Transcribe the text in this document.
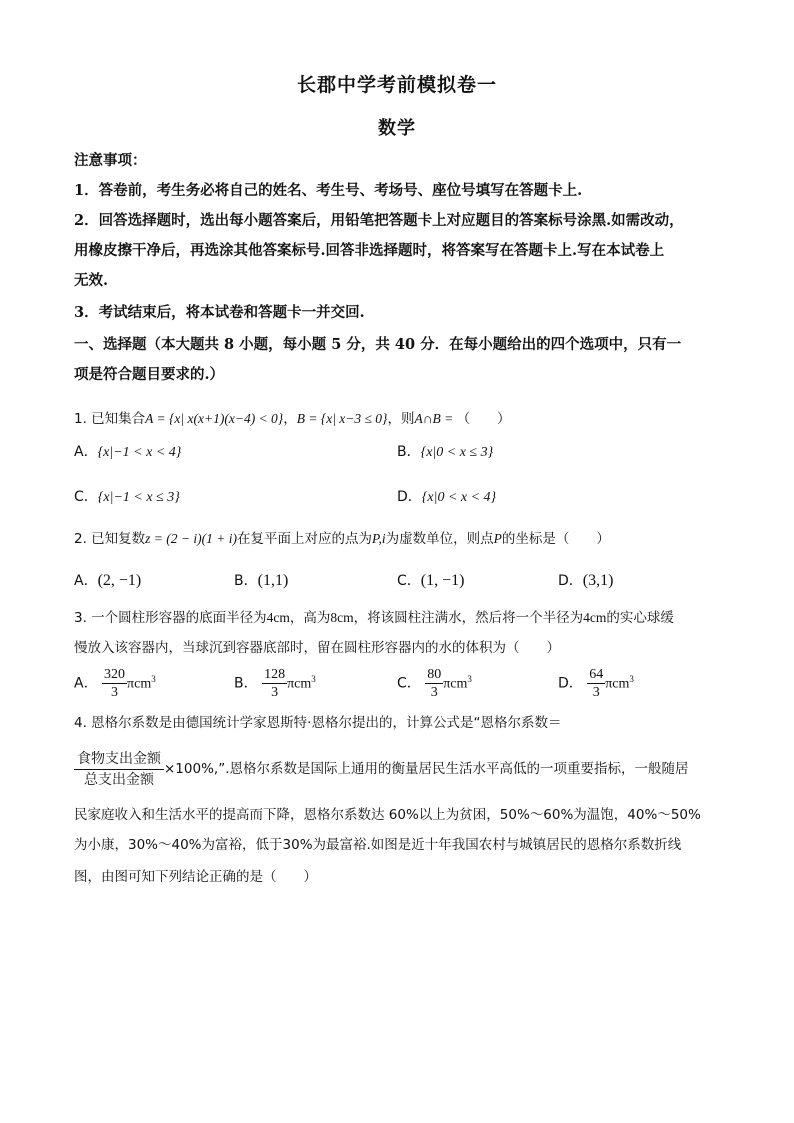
长郡中学考前模拟卷一
数学
注意事项：
1．答卷前，考生务必将自己的姓名、考生号、考场号、座位号填写在答题卡上.
2．回答选择题时，选出每小题答案后，用铅笔把答题卡上对应题目的答案标号涂黑.如需改动，
用橡皮擦干净后，再选涂其他答案标号.回答非选择题时，将答案写在答题卡上.写在本试卷上
无效.
3．考试结束后，将本试卷和答题卡一并交回.
一、选择题（本大题共 8 小题，每小题 5 分，共 40 分．在每小题给出的四个选项中，只有一
项是符合题目要求的.）
1. 已知集合A = {x| x(x+1)(x−4) < 0}，B = {x| x−3 ≤ 0}，则A∩B = （　　）
A．{x|−1 < x < 4}	B．{x|0 < x ≤ 3}
C．{x|−1 < x ≤ 3}	D．{x|0 < x < 4}
2. 已知复数z = (2 − i)(1 + i)在复平面上对应的点为P,i为虚数单位，则点P的坐标是（　　）
A．(2, −1)	B．(1,1)	C．(1, −1)	D．(3,1)
3. 一个圆柱形容器的底面半径为4cm，高为8cm，将该圆柱注满水，然后将一个半径为4cm的实心球缓
慢放入该容器内，当球沉到容器底部时，留在圆柱形容器内的水的体积为（　　）
A． $\frac{320}{3} \pi cm^3$	B． $\frac{128}{3} \pi cm^3$	C． $\frac{80}{3} \pi cm^3$	D． $\frac{64}{3} \pi cm^3$
4. 恩格尔系数是由德国统计学家恩斯特·恩格尔提出的，计算公式是“恩格尔系数＝
$\frac{\text{食物支出金额}}{\text{总支出金额}} \times 100\%$,”.恩格尔系数是国际上通用的衡量居民生活水平高低的一项重要指标，一般随居
民家庭收入和生活水平的提高而下降，恩格尔系数达 60%以上为贫困，50%～60%为温饱，40%～50%
为小康，30%～40%为富裕，低于30%为最富裕.如图是近十年我国农村与城镇居民的恩格尔系数折线
图，由图可知下列结论正确的是（　　）
